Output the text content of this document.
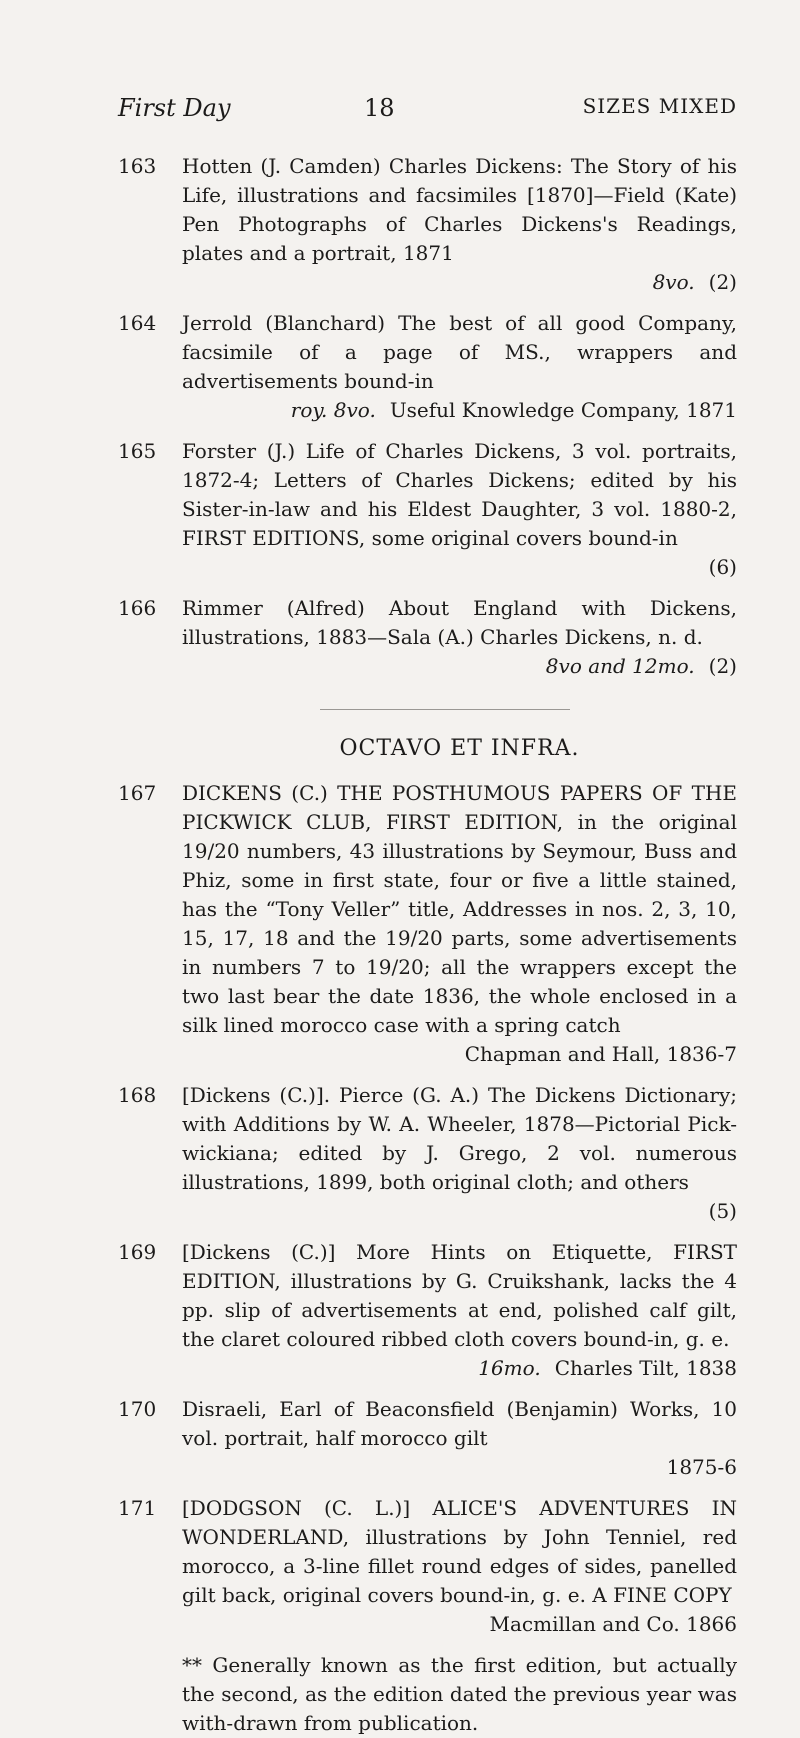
First Day	18	SIZES MIXED
163 Hotten (J. Camden) Charles Dickens: The Story of his Life, illustrations and facsimiles [1870]—Field (Kate) Pen Photographs of Charles Dickens's Readings, plates and a portrait, 1871
8vo. (2)
164 Jerrold (Blanchard) The best of all good Company, facsimile of a page of MS., wrappers and advertisements bound-in
roy. 8vo. Useful Knowledge Company, 1871
165 Forster (J.) Life of Charles Dickens, 3 vol. portraits, 1872-4; Letters of Charles Dickens; edited by his Sister-in-law and his Eldest Daughter, 3 vol. 1880-2, FIRST EDITIONS, some original covers bound-in
(6)
166 Rimmer (Alfred) About England with Dickens, illustrations, 1883—Sala (A.) Charles Dickens, n. d.
8vo and 12mo. (2)
OCTAVO ET INFRA.
167 DICKENS (C.) THE POSTHUMOUS PAPERS OF THE PICKWICK CLUB, FIRST EDITION, in the original 19/20 numbers, 43 illustrations by Seymour, Buss and Phiz, some in first state, four or five a little stained, has the “Tony Veller” title, Addresses in nos. 2, 3, 10, 15, 17, 18 and the 19/20 parts, some advertisements in numbers 7 to 19/20; all the wrappers except the two last bear the date 1836, the whole enclosed in a silk lined morocco case with a spring catch
Chapman and Hall, 1836-7
168 [Dickens (C.)]. Pierce (G. A.) The Dickens Dictionary; with Additions by W. A. Wheeler, 1878—Pictorial Pick-wickiana; edited by J. Grego, 2 vol. numerous illustrations, 1899, both original cloth; and others
(5)
169 [Dickens (C.)] More Hints on Etiquette, FIRST EDITION, illustrations by G. Cruikshank, lacks the 4 pp. slip of advertisements at end, polished calf gilt, the claret coloured ribbed cloth covers bound-in, g. e.
16mo. Charles Tilt, 1838
170 Disraeli, Earl of Beaconsfield (Benjamin) Works, 10 vol. portrait, half morocco gilt
1875-6
171 [DODGSON (C. L.)] ALICE'S ADVENTURES IN WONDERLAND, illustrations by John Tenniel, red morocco, a 3-line fillet round edges of sides, panelled gilt back, original covers bound-in, g. e. A FINE COPY
Macmillan and Co. 1866
** Generally known as the first edition, but actually the second, as the edition dated the previous year was with-drawn from publication.
